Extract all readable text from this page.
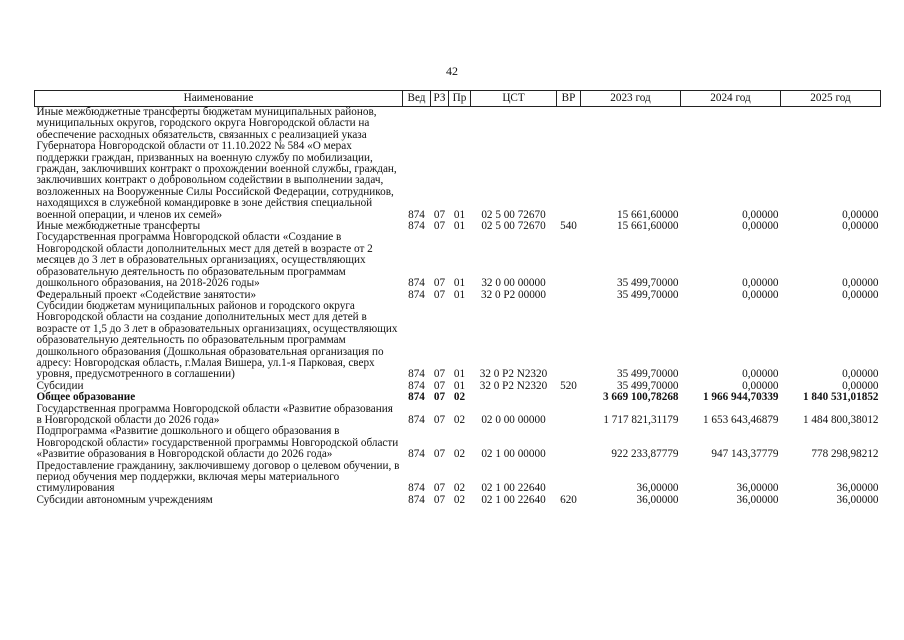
42
Наименование	Вед	РЗ	Пр	ЦСТ	ВР	2023 год	2024 год	2025 год
Иные межбюджетные трансферты бюджетам муниципальных районов, муниципальных округов, городского округа Новгородской области на обеспечение расходных обязательств, связанных с реализацией указа Губернатора Новгородской области от 11.10.2022 № 584 «О мерах поддержки граждан, призванных на военную службу по мобилизации, граждан, заключивших контракт о прохождении военной службы, граждан, заключивших контракт о добровольном содействии в выполнении задач, возложенных на Вооруженные Силы Российской Федерации, сотрудников, находящихся в служебной командировке в зоне действия специальной военной операции, и членов их семей»	874	07	01	02 5 00 72670		15 661,60000	0,00000	0,00000
Иные межбюджетные трансферты	874	07	01	02 5 00 72670	540	15 661,60000	0,00000	0,00000
Государственная программа Новгородской области «Создание в Новгородской области дополнительных мест для детей в возрасте от 2 месяцев до 3 лет в образовательных организациях, осуществляющих образовательную деятельность по образовательным программам дошкольного образования, на 2018-2026 годы»	874	07	01	32 0 00 00000		35 499,70000	0,00000	0,00000
Федеральный проект «Содействие занятости»	874	07	01	32 0 Р2 00000		35 499,70000	0,00000	0,00000
Субсидии бюджетам муниципальных районов и городского округа Новгородской области на создание дополнительных мест для детей в возрасте от 1,5 до 3 лет в образовательных организациях, осуществляющих образовательную деятельность по образовательным программам дошкольного образования (Дошкольная образовательная организация по адресу: Новгородская область, г.Малая Вишера, ул.1-я Парковая, сверх уровня, предусмотренного в соглашении)	874	07	01	32 0 Р2 N2320		35 499,70000	0,00000	0,00000
Субсидии	874	07	01	32 0 Р2 N2320	520	35 499,70000	0,00000	0,00000
Общее образование	874	07	02			3 669 100,78268	1 966 944,70339	1 840 531,01852
Государственная программа Новгородской области «Развитие образования в Новгородской области до 2026 года»	874	07	02	02 0 00 00000		1 717 821,31179	1 653 643,46879	1 484 800,38012
Подпрограмма «Развитие дошкольного и общего образования в Новгородской области» государственной программы Новгородской области «Развитие образования в Новгородской области до 2026 года»	874	07	02	02 1 00 00000		922 233,87779	947 143,37779	778 298,98212
Предоставление гражданину, заключившему договор о целевом обучении, в период обучения мер поддержки, включая меры материального стимулирования	874	07	02	02 1 00 22640		36,00000	36,00000	36,00000
Субсидии автономным учреждениям	874	07	02	02 1 00 22640	620	36,00000	36,00000	36,00000
